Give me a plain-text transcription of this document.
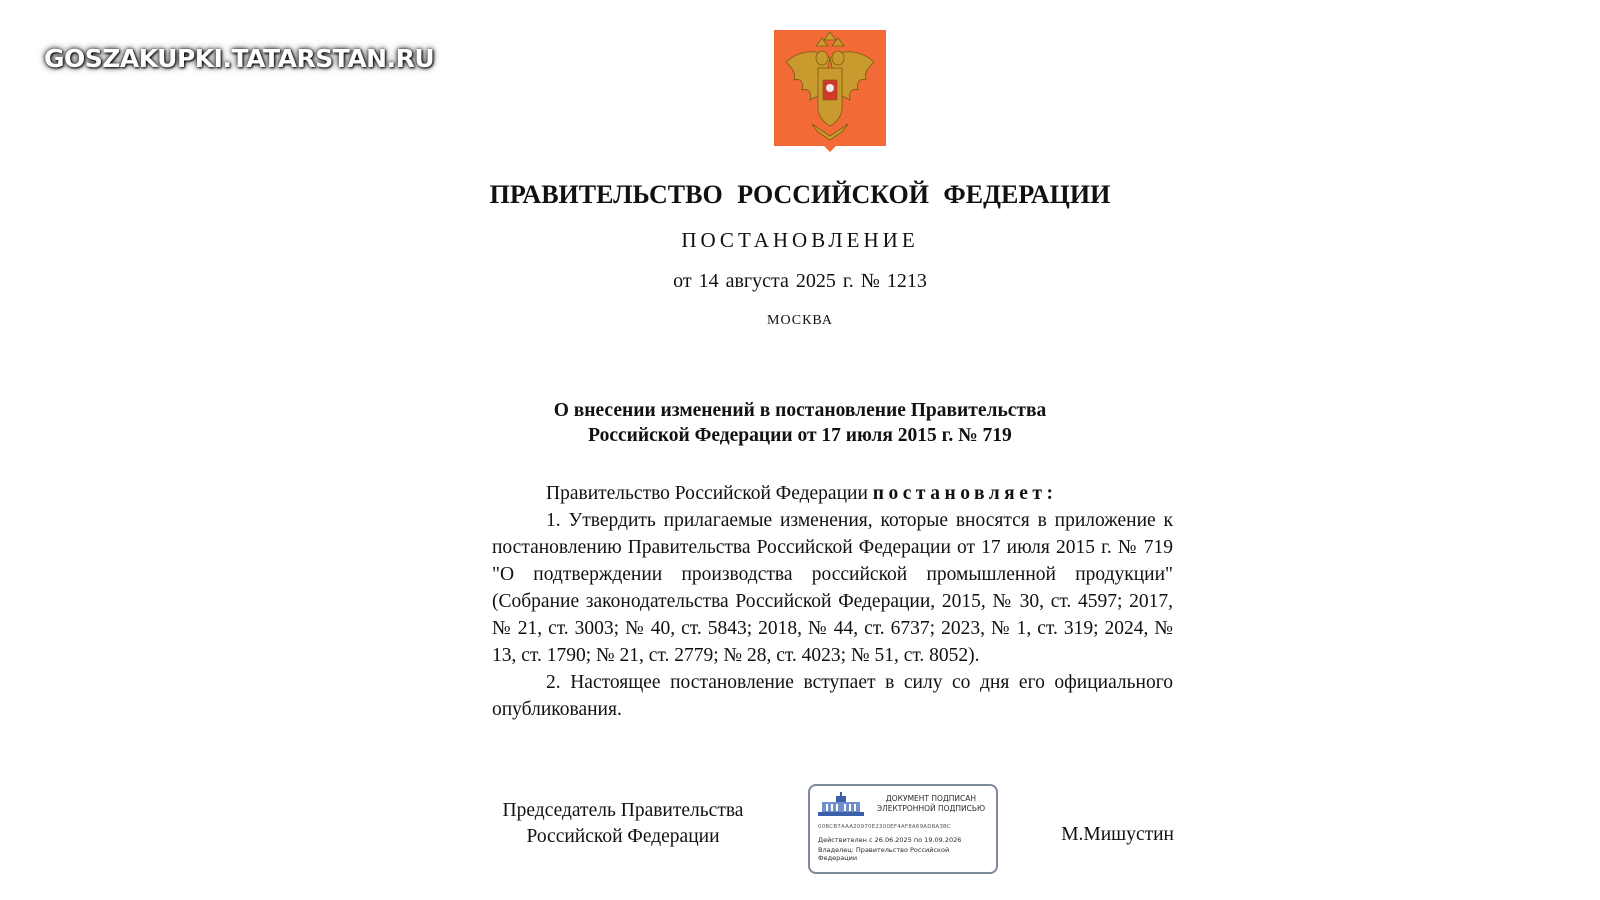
GOSZAKUPKI.TATARSTAN.RU
ПРАВИТЕЛЬСТВО РОССИЙСКОЙ ФЕДЕРАЦИИ
ПОСТАНОВЛЕНИЕ
от 14 августа 2025 г. № 1213
МОСКВА
О внесении изменений в постановление Правительства
Российской Федерации от 17 июля 2015 г. № 719

Правительство Российской Федерации постановляет:

1. Утвердить прилагаемые изменения, которые вносятся в приложение к постановлению Правительства Российской Федерации от 17 июля 2015 г. № 719 "О подтверждении производства российской промышленной продукции" (Собрание законодательства Российской Федерации, 2015, № 30, ст. 4597; 2017, № 21, ст. 3003; № 40, ст. 5843; 2018, № 44, ст. 6737; 2023, № 1, ст. 319; 2024, № 13, ст. 1790; № 21, ст. 2779; № 28, ст. 4023; № 51, ст. 8052).

2. Настоящее постановление вступает в силу со дня его официального опубликования.

Председатель Правительства
Российской Федерации
ДОКУМЕНТ ПОДПИСАН
ЭЛЕКТРОННОЙ ПОДПИСЬЮ
00BCB7AAA20970E2300EF4AF8A69AD8A3BC
Действителен с 26.06.2025 по 19.09.2026
Владелец: Правительство Российской Федерации
М.Мишустин
